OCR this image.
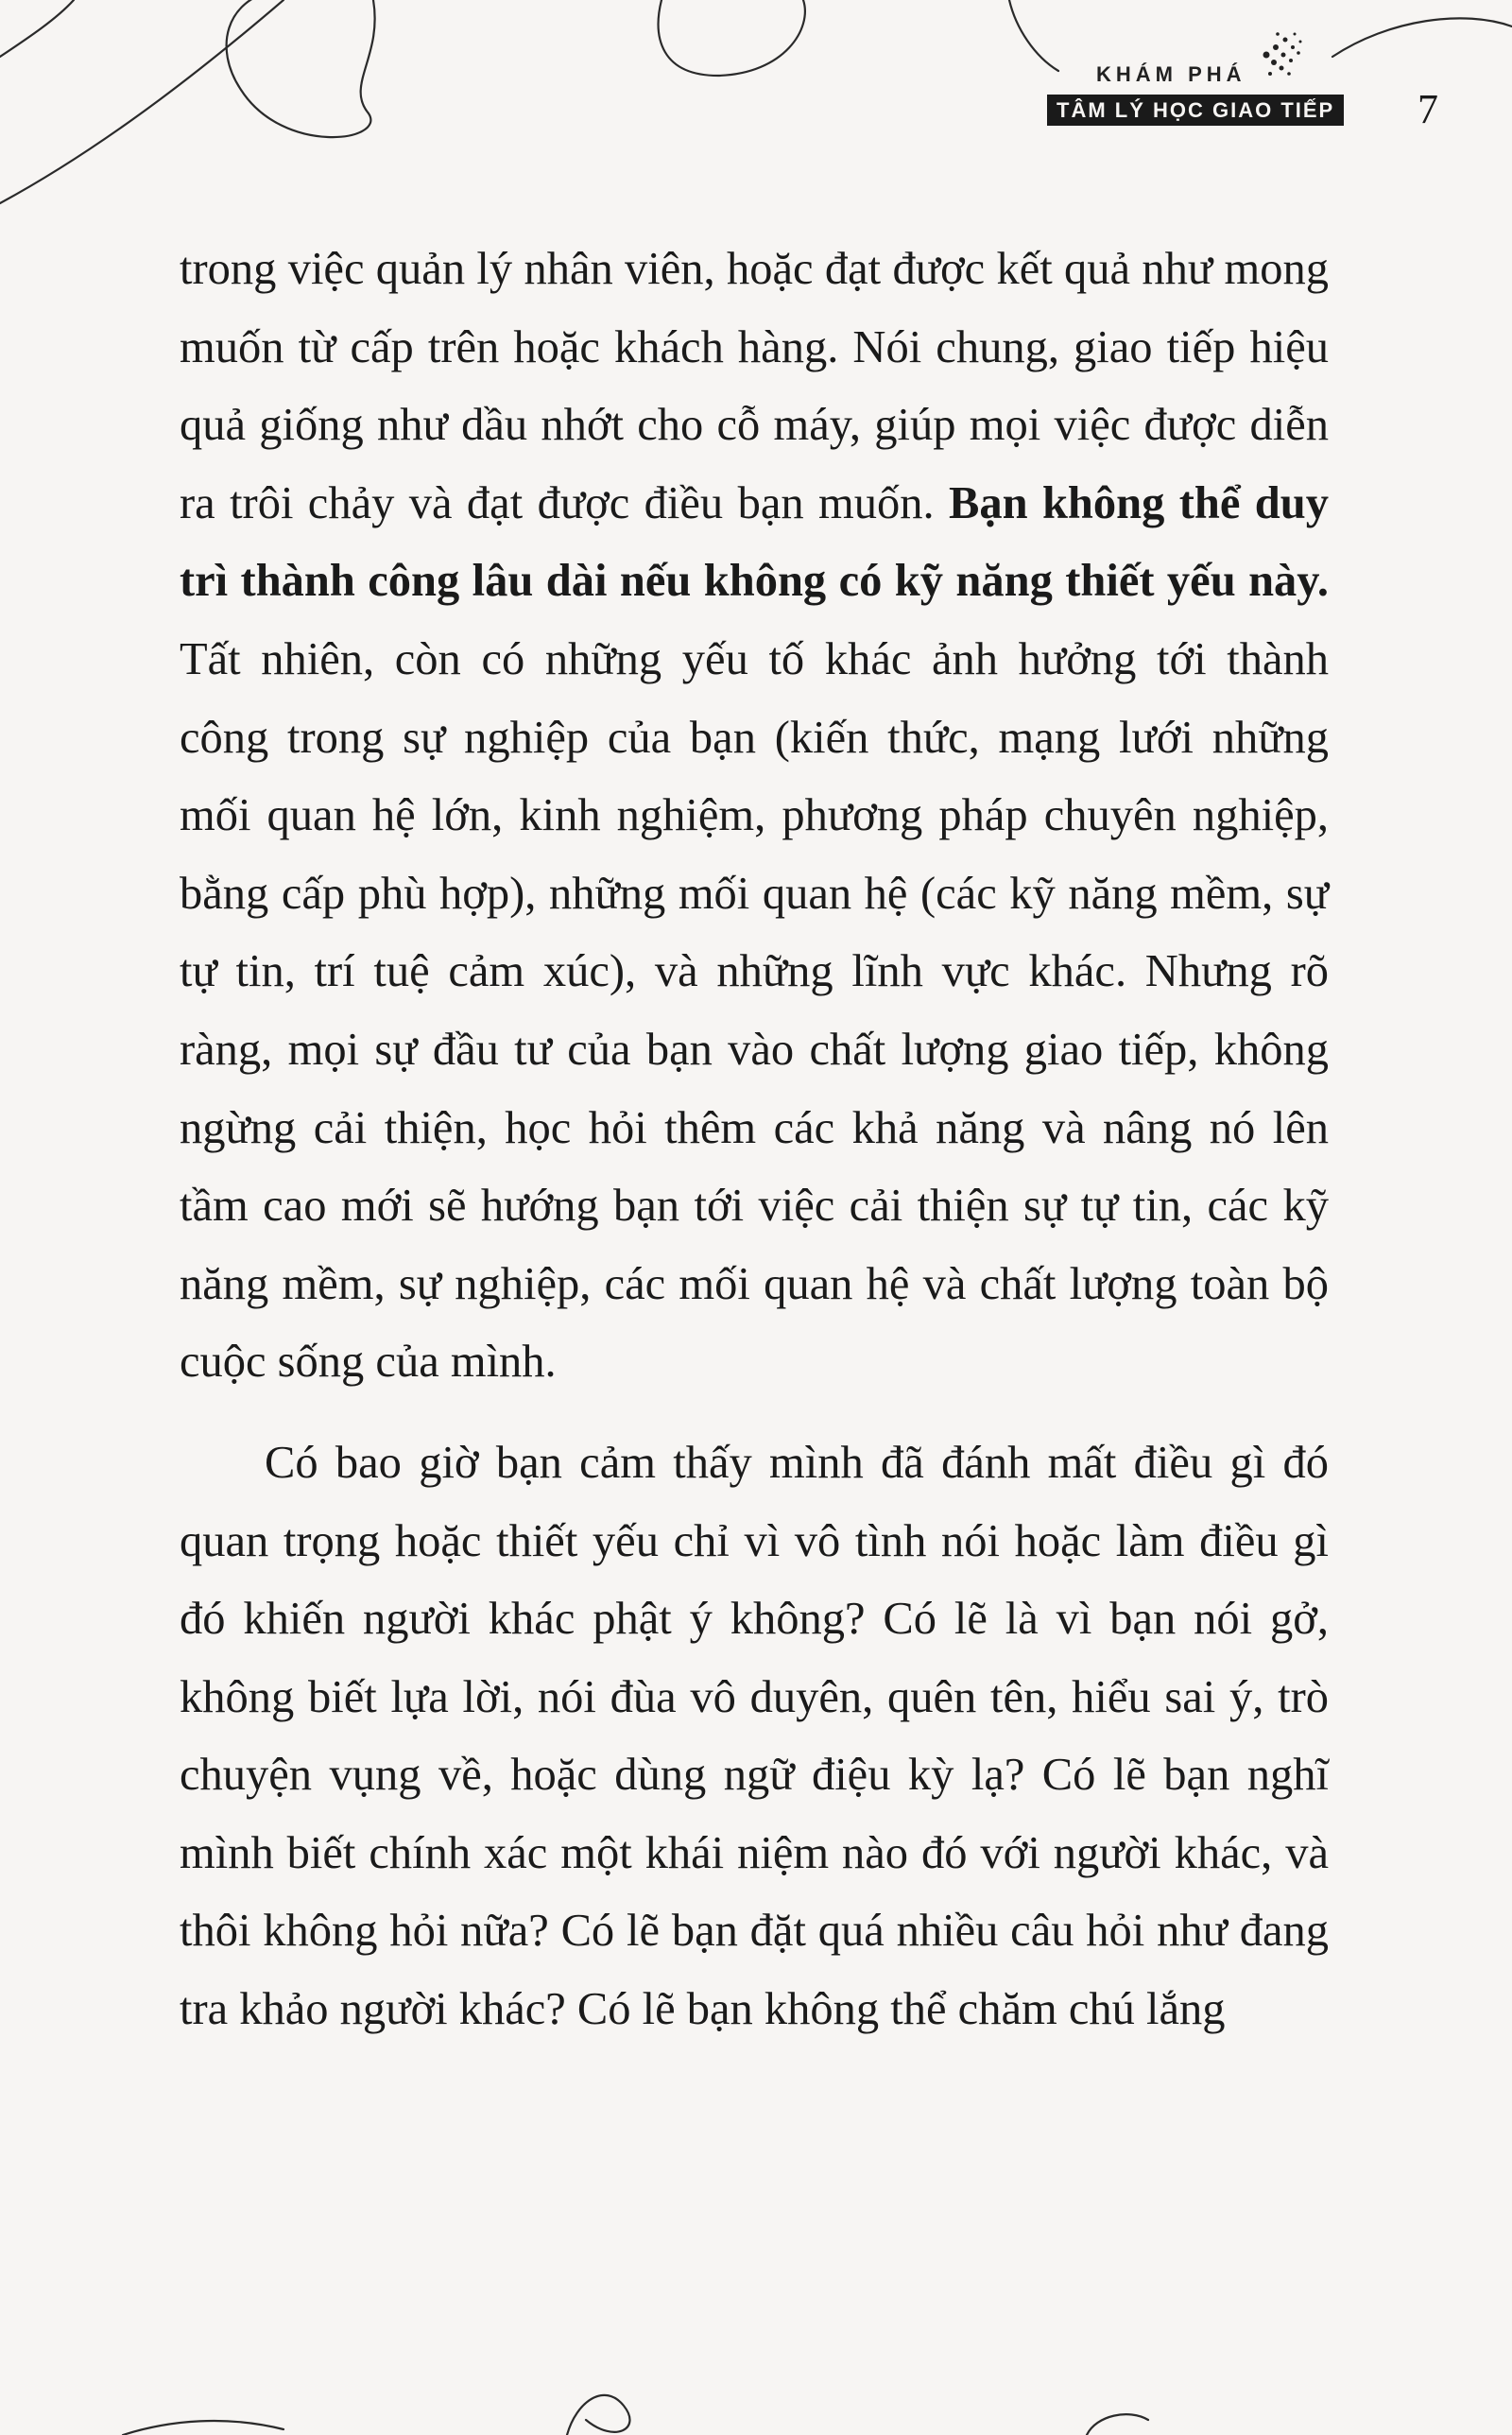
KHÁM PHÁ
TÂM LÝ HỌC GIAO TIẾP 7

trong việc quản lý nhân viên, hoặc đạt được kết quả như mong muốn từ cấp trên hoặc khách hàng. Nói chung, giao tiếp hiệu quả giống như dầu nhớt cho cỗ máy, giúp mọi việc được diễn ra trôi chảy và đạt được điều bạn muốn. Bạn không thể duy trì thành công lâu dài nếu không có kỹ năng thiết yếu này. Tất nhiên, còn có những yếu tố khác ảnh hưởng tới thành công trong sự nghiệp của bạn (kiến thức, mạng lưới những mối quan hệ lớn, kinh nghiệm, phương pháp chuyên nghiệp, bằng cấp phù hợp), những mối quan hệ (các kỹ năng mềm, sự tự tin, trí tuệ cảm xúc), và những lĩnh vực khác. Nhưng rõ ràng, mọi sự đầu tư của bạn vào chất lượng giao tiếp, không ngừng cải thiện, học hỏi thêm các khả năng và nâng nó lên tầm cao mới sẽ hướng bạn tới việc cải thiện sự tự tin, các kỹ năng mềm, sự nghiệp, các mối quan hệ và chất lượng toàn bộ cuộc sống của mình.

Có bao giờ bạn cảm thấy mình đã đánh mất điều gì đó quan trọng hoặc thiết yếu chỉ vì vô tình nói hoặc làm điều gì đó khiến người khác phật ý không? Có lẽ là vì bạn nói gở, không biết lựa lời, nói đùa vô duyên, quên tên, hiểu sai ý, trò chuyện vụng về, hoặc dùng ngữ điệu kỳ lạ? Có lẽ bạn nghĩ mình biết chính xác một khái niệm nào đó với người khác, và thôi không hỏi nữa? Có lẽ bạn đặt quá nhiều câu hỏi như đang tra khảo người khác? Có lẽ bạn không thể chăm chú lắng
